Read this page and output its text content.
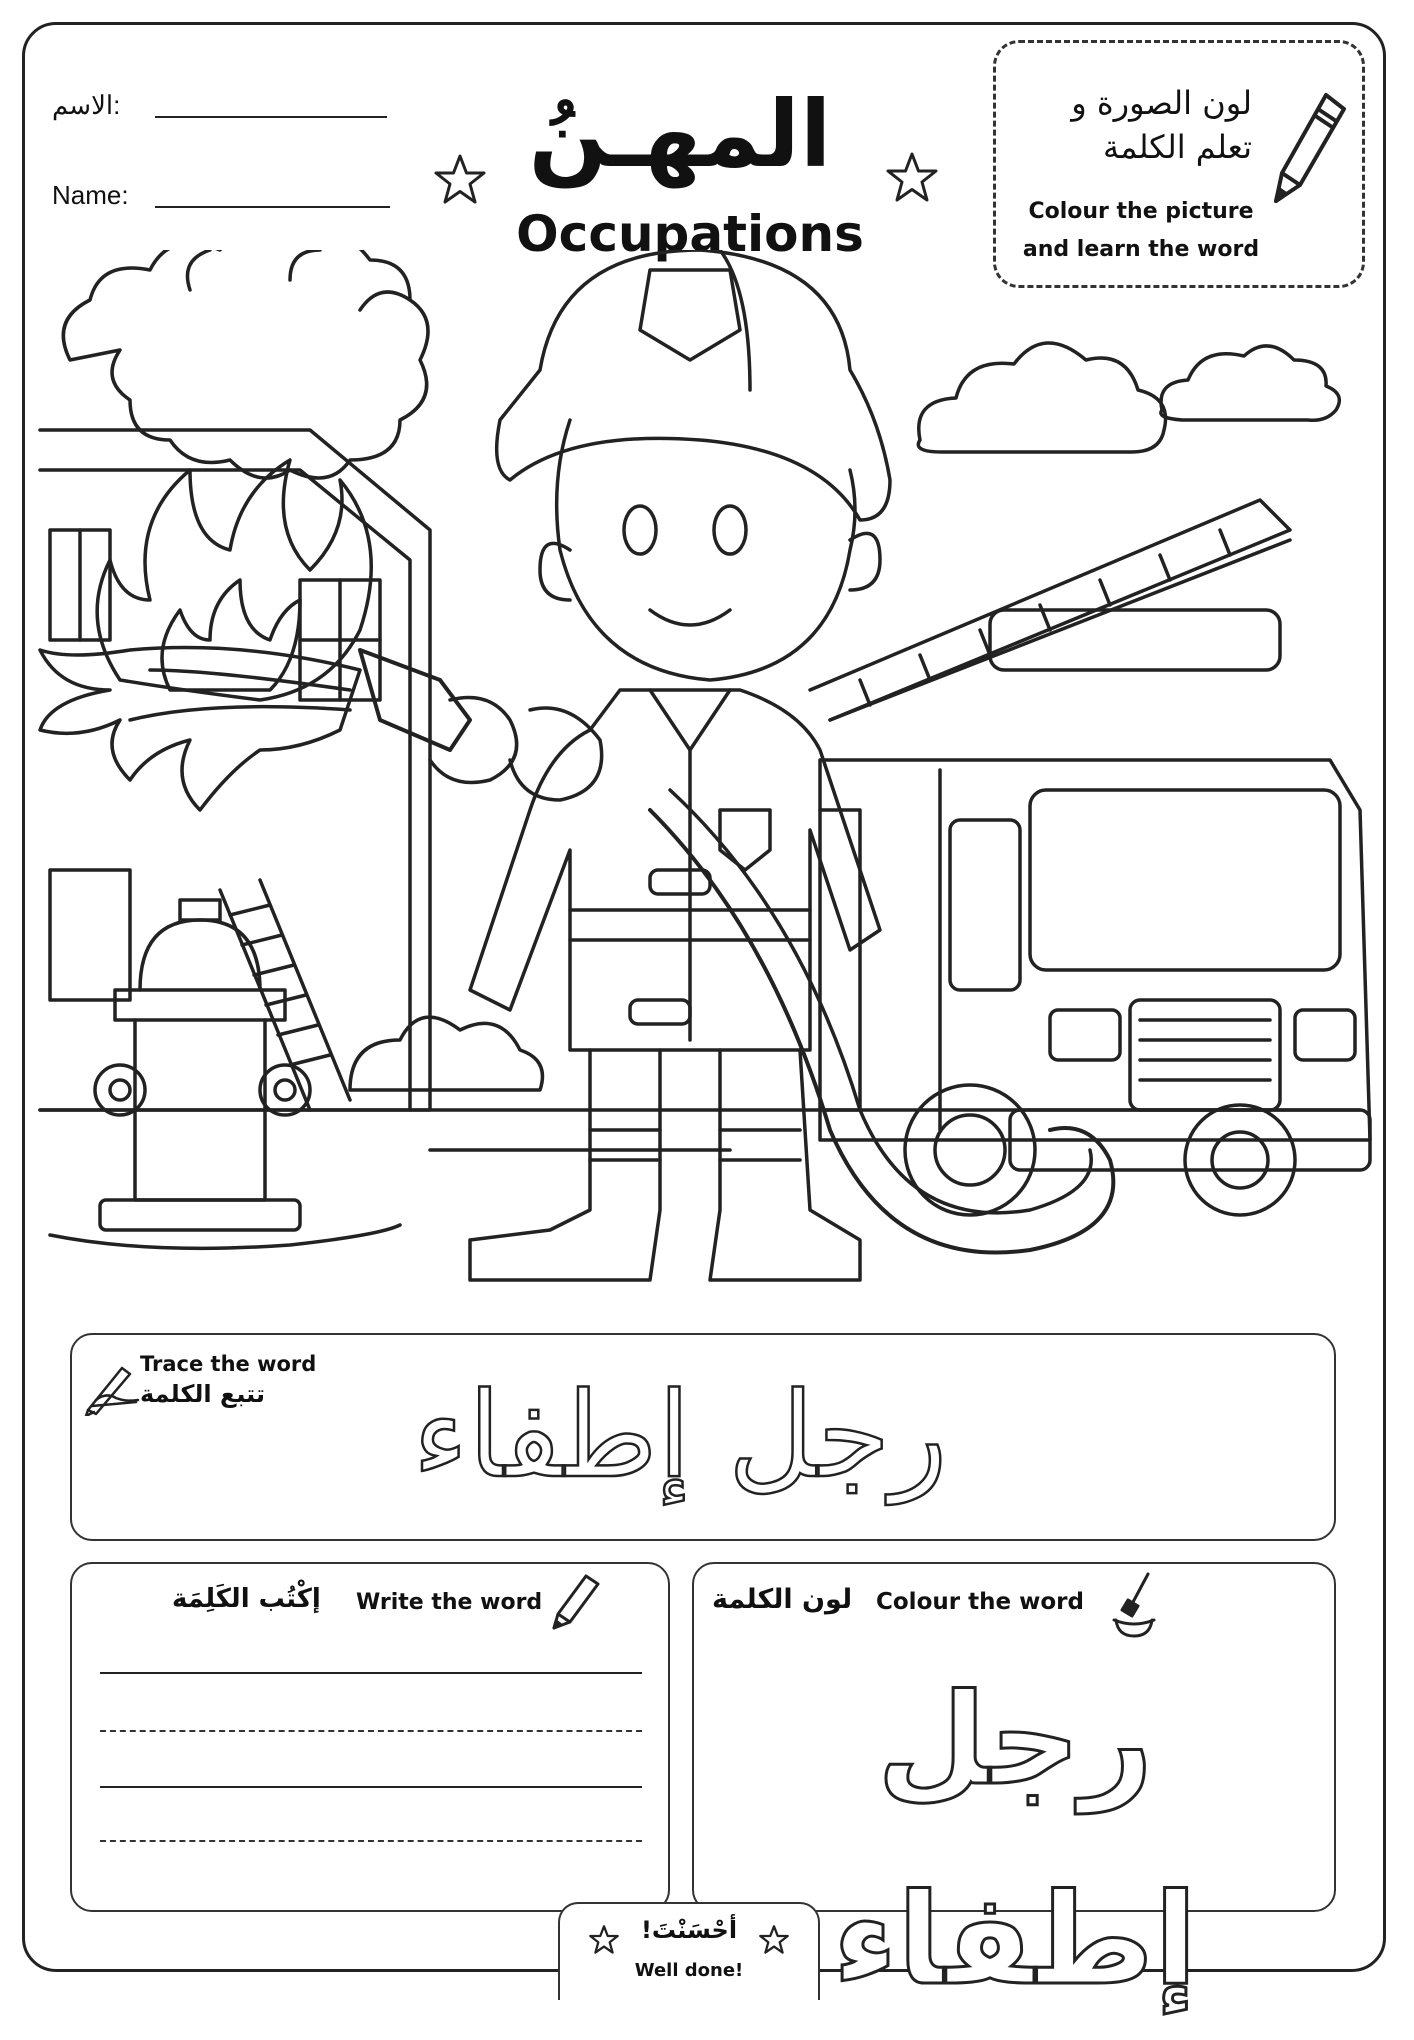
الاسم:
Name:
المهـنُ
Occupations
لون الصورة و
تعلم الكلمة
Colour the picture
and learn the word
Trace the word
تتبع الكلمة	رجل إطفاء
إكْتُب الكَلِمَة Write the word	لون الكلمة Colour the word
رجل إطفاء
أحْسَنْتَ!
Well done!
